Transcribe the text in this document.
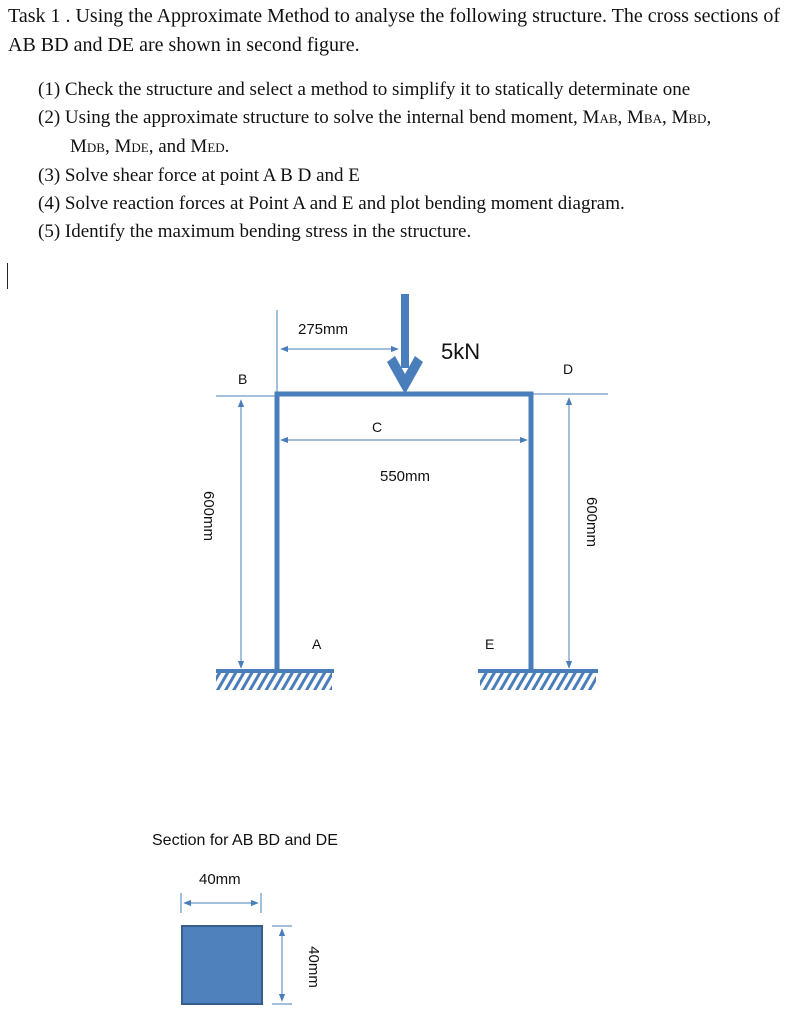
Task 1 . Using the Approximate Method to analyse the following structure. The cross sections of AB BD and DE are shown in second figure.
(1) Check the structure and select a method to simplify it to statically determinate one
(2) Using the approximate structure to solve the internal bend moment, MAB, MBA, MBD,
MDB, MDE, and MED.
(3) Solve shear force at point A B D and E
(4) Solve reaction forces at Point A and E and plot bending moment diagram.
(5) Identify the maximum bending stress in the structure.
275mm
5kN
B
D
C
550mm
A	E
600mm	600mm
Section for AB BD and DE
40mm
40mm
